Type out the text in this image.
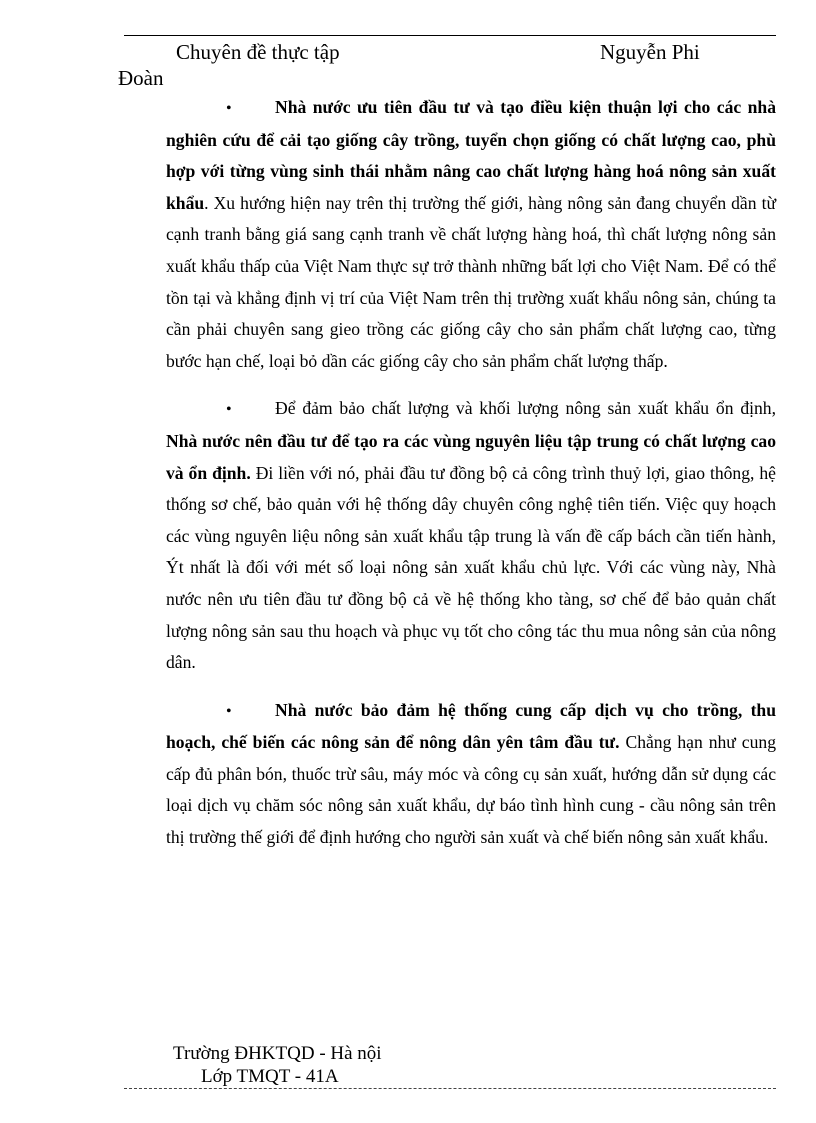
Chuyên đề thực tập	Nguyễn Phi
Đoàn

• Nhà nước ưu tiên đầu tư và tạo điều kiện thuận lợi cho các nhà nghiên cứu để cải tạo giống cây trồng, tuyển chọn giống có chất lượng cao, phù hợp với từng vùng sinh thái nhằm nâng cao chất lượng hàng hoá nông sản xuất khẩu. Xu hướng hiện nay trên thị trường thế giới, hàng nông sản đang chuyển dần từ cạnh tranh bằng giá sang cạnh tranh về chất lượng hàng hoá, thì chất lượng nông sản xuất khẩu thấp của Việt Nam thực sự trở thành những bất lợi cho Việt Nam. Để có thể tồn tại và khẳng định vị trí của Việt Nam trên thị trường xuất khẩu nông sản, chúng ta cần phải chuyên sang gieo trồng các giống cây cho sản phẩm chất lượng cao, từng bước hạn chế, loại bỏ dần các giống cây cho sản phẩm chất lượng thấp.

• Để đảm bảo chất lượng và khối lượng nông sản xuất khẩu ổn định, Nhà nước nên đầu tư để tạo ra các vùng nguyên liệu tập trung có chất lượng cao và ổn định. Đi liền với nó, phải đầu tư đồng bộ cả công trình thuỷ lợi, giao thông, hệ thống sơ chế, bảo quản với hệ thống dây chuyên công nghệ tiên tiến. Việc quy hoạch các vùng nguyên liệu nông sản xuất khẩu tập trung là vấn đề cấp bách cần tiến hành, Ýt nhất là đối với mét số loại nông sản xuất khẩu chủ lực. Với các vùng này, Nhà nước nên ưu tiên đầu tư đồng bộ cả về hệ thống kho tàng, sơ chế để bảo quản chất lượng nông sản sau thu hoạch và phục vụ tốt cho công tác thu mua nông sản của nông dân.

• Nhà nước bảo đảm hệ thống cung cấp dịch vụ cho trồng, thu hoạch, chế biến các nông sản để nông dân yên tâm đầu tư. Chẳng hạn như cung cấp đủ phân bón, thuốc trừ sâu, máy móc và công cụ sản xuất, hướng dẫn sử dụng các loại dịch vụ chăm sóc nông sản xuất khẩu, dự báo tình hình cung - cầu nông sản trên thị trường thế giới để định hướng cho người sản xuất và chế biến nông sản xuất khẩu.

Trường ĐHKTQD - Hà nội
Lớp TMQT - 41A
